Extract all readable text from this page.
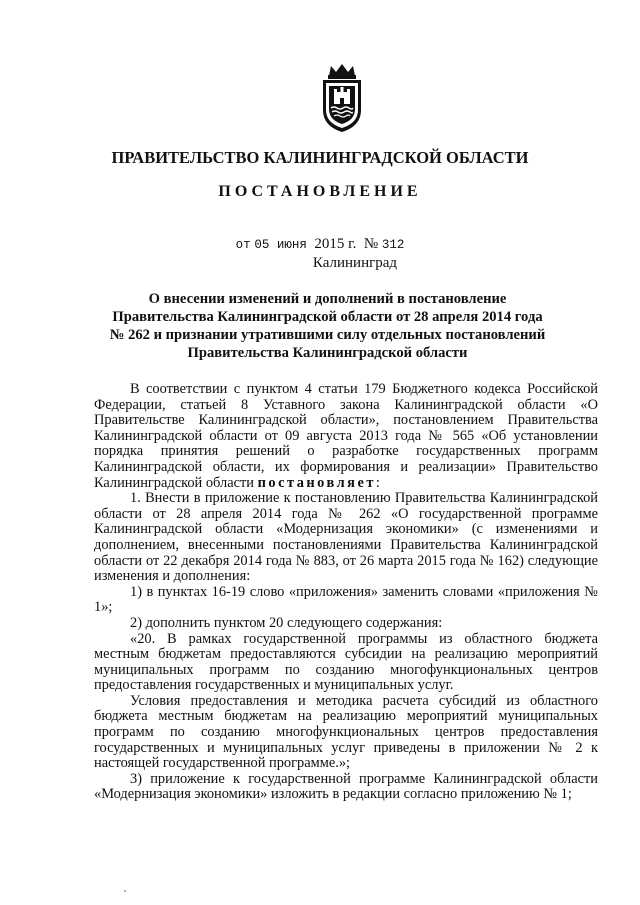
ПРАВИТЕЛЬСТВО КАЛИНИНГРАДСКОЙ ОБЛАСТИ
ПОСТАНОВЛЕНИЕ
от 05 июня 2015 г. № 312
Калининград
О внесении изменений и дополнений в постановление
Правительства Калининградской области от 28 апреля 2014 года
№ 262 и признании утратившими силу отдельных постановлений
Правительства Калининградской области

В соответствии с пунктом 4 статьи 179 Бюджетного кодекса Российской Федерации, статьей 8 Уставного закона Калининградской области «О Правительстве Калининградской области», постановлением Правительства Калининградской области от 09 августа 2013 года № 565 «Об установлении порядка принятия решений о разработке государственных программ Калининградской области, их формирования и реализации» Правительство Калининградской области постановляет:

1. Внести в приложение к постановлению Правительства Калининградской области от 28 апреля 2014 года № 262 «О государственной программе Калининградской области «Модернизация экономики» (с изменениями и дополнением, внесенными постановлениями Правительства Калининградской области от 22 декабря 2014 года № 883, от 26 марта 2015 года № 162) следующие изменения и дополнения:

1) в пунктах 16-19 слово «приложения» заменить словами «приложения № 1»;

2) дополнить пунктом 20 следующего содержания:

«20. В рамках государственной программы из областного бюджета местным бюджетам предоставляются субсидии на реализацию мероприятий муниципальных программ по созданию многофункциональных центров предоставления государственных и муниципальных услуг.

Условия предоставления и методика расчета субсидий из областного бюджета местным бюджетам на реализацию мероприятий муниципальных программ по созданию многофункциональных центров предоставления государственных и муниципальных услуг приведены в приложении № 2 к настоящей государственной программе.»;

3) приложение к государственной программе Калининградской области «Модернизация экономики» изложить в редакции согласно приложению № 1;
